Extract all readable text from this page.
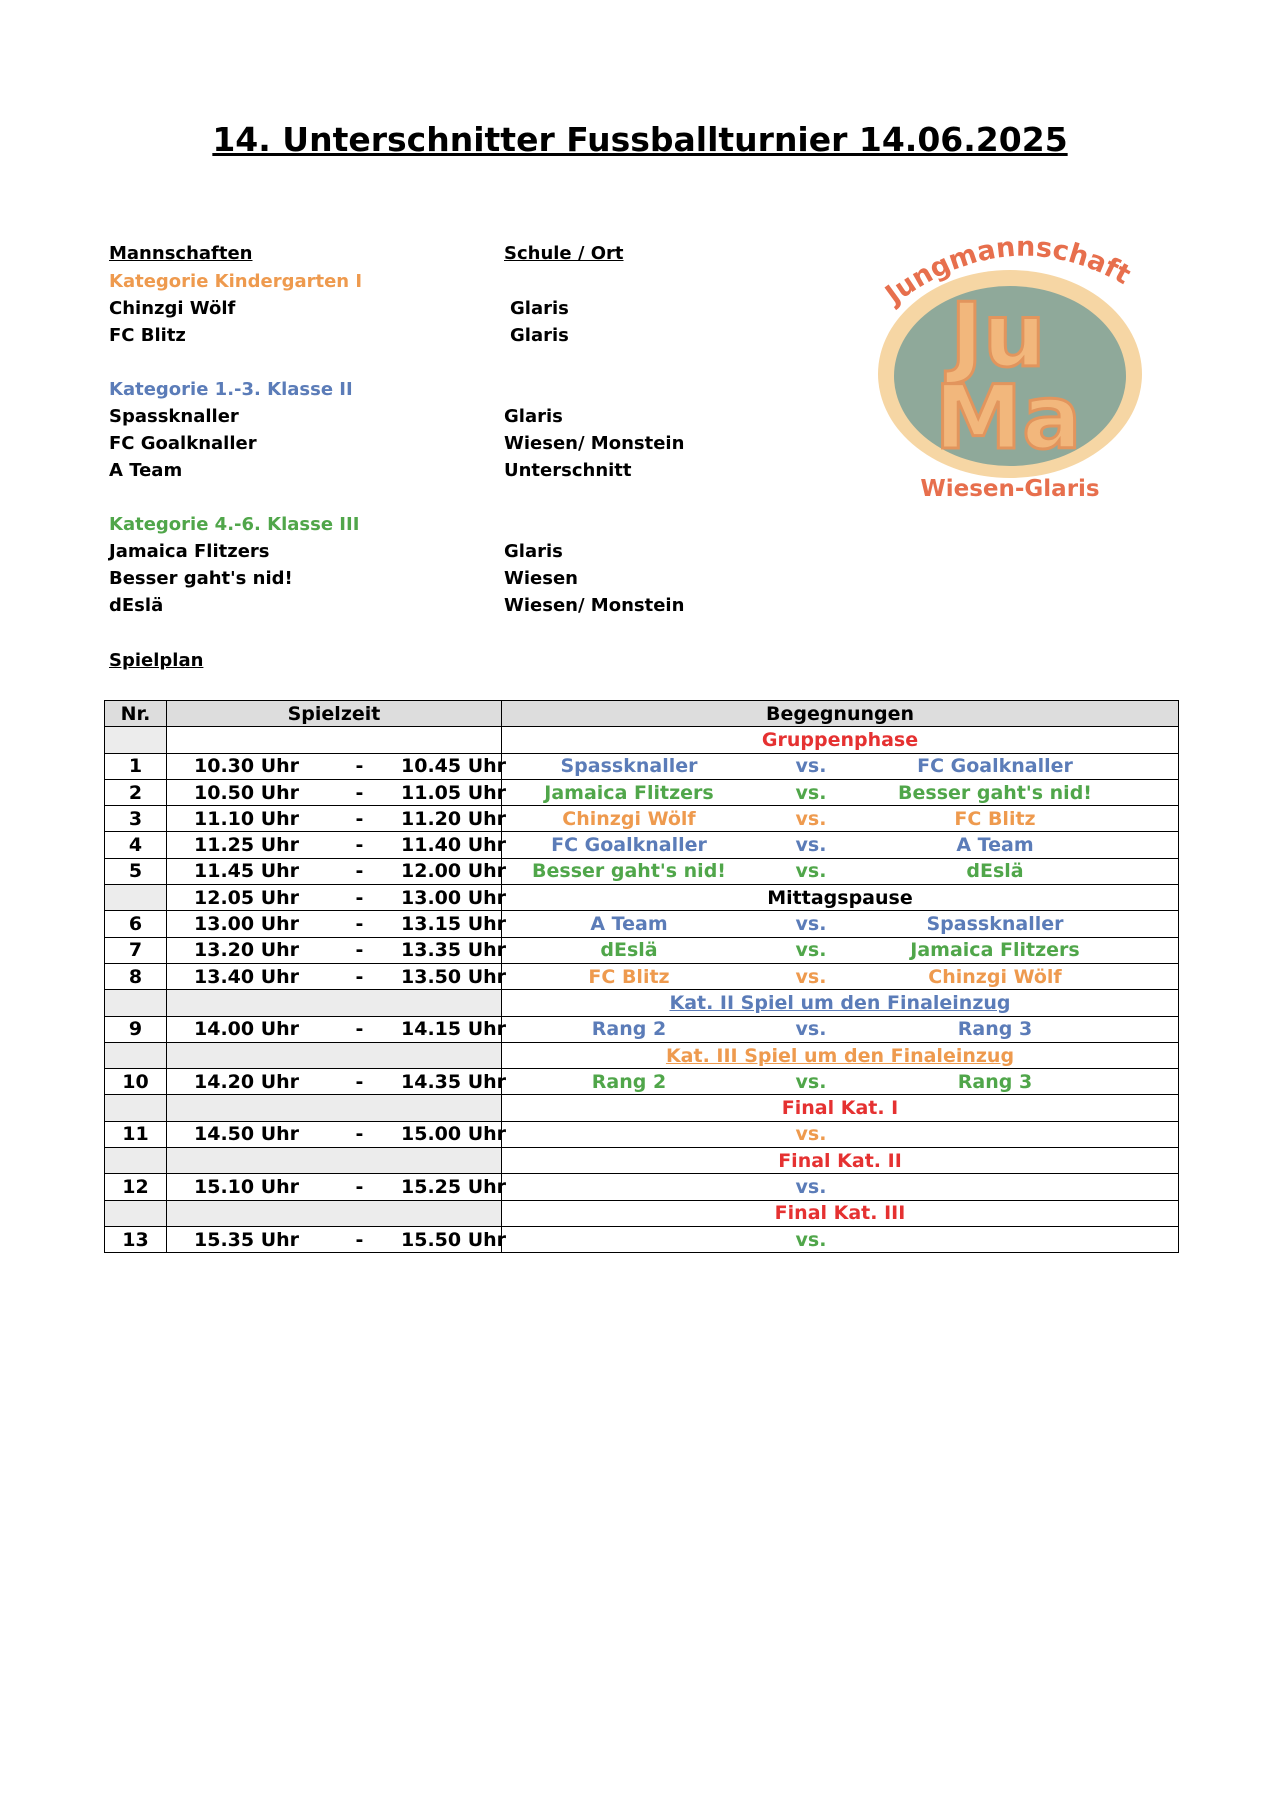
14. Unterschnitter Fussballturnier 14.06.2025
Mannschaften	Schule / Ort
Kategorie Kindergarten I
Chinzgi Wölf	Glaris
FC Blitz	Glaris
Kategorie 1.-3. Klasse II
Spassknaller	Glaris
FC Goalknaller	Wiesen/ Monstein
A Team	Unterschnitt
Kategorie 4.-6. Klasse III
Jamaica Flitzers	Glaris
Besser gaht's nid!	Wiesen
dEslä	Wiesen/ Monstein
Spielplan
Jungmannschaft
Ju
Ma
Wiesen-Glaris
Nr.	Spielzeit	Begegnungen
		Gruppenphase
1	10.30 Uhr - 10.45 Uhr	Spassknaller vs. FC Goalknaller
2	10.50 Uhr - 11.05 Uhr	Jamaica Flitzers vs. Besser gaht's nid!
3	11.10 Uhr - 11.20 Uhr	Chinzgi Wölf vs. FC Blitz
4	11.25 Uhr - 11.40 Uhr	FC Goalknaller vs. A Team
5	11.45 Uhr - 12.00 Uhr	Besser gaht's nid! vs. dEslä
	12.05 Uhr - 13.00 Uhr	Mittagspause
6	13.00 Uhr - 13.15 Uhr	A Team vs. Spassknaller
7	13.20 Uhr - 13.35 Uhr	dEslä vs. Jamaica Flitzers
8	13.40 Uhr - 13.50 Uhr	FC Blitz vs. Chinzgi Wölf
		Kat. II Spiel um den Finaleinzug
9	14.00 Uhr - 14.15 Uhr	Rang 2 vs. Rang 3
		Kat. III Spiel um den Finaleinzug
10	14.20 Uhr - 14.35 Uhr	Rang 2 vs. Rang 3
		Final Kat. I
11	14.50 Uhr - 15.00 Uhr	vs.
		Final Kat. II
12	15.10 Uhr - 15.25 Uhr	vs.
		Final Kat. III
13	15.35 Uhr - 15.50 Uhr	vs.
